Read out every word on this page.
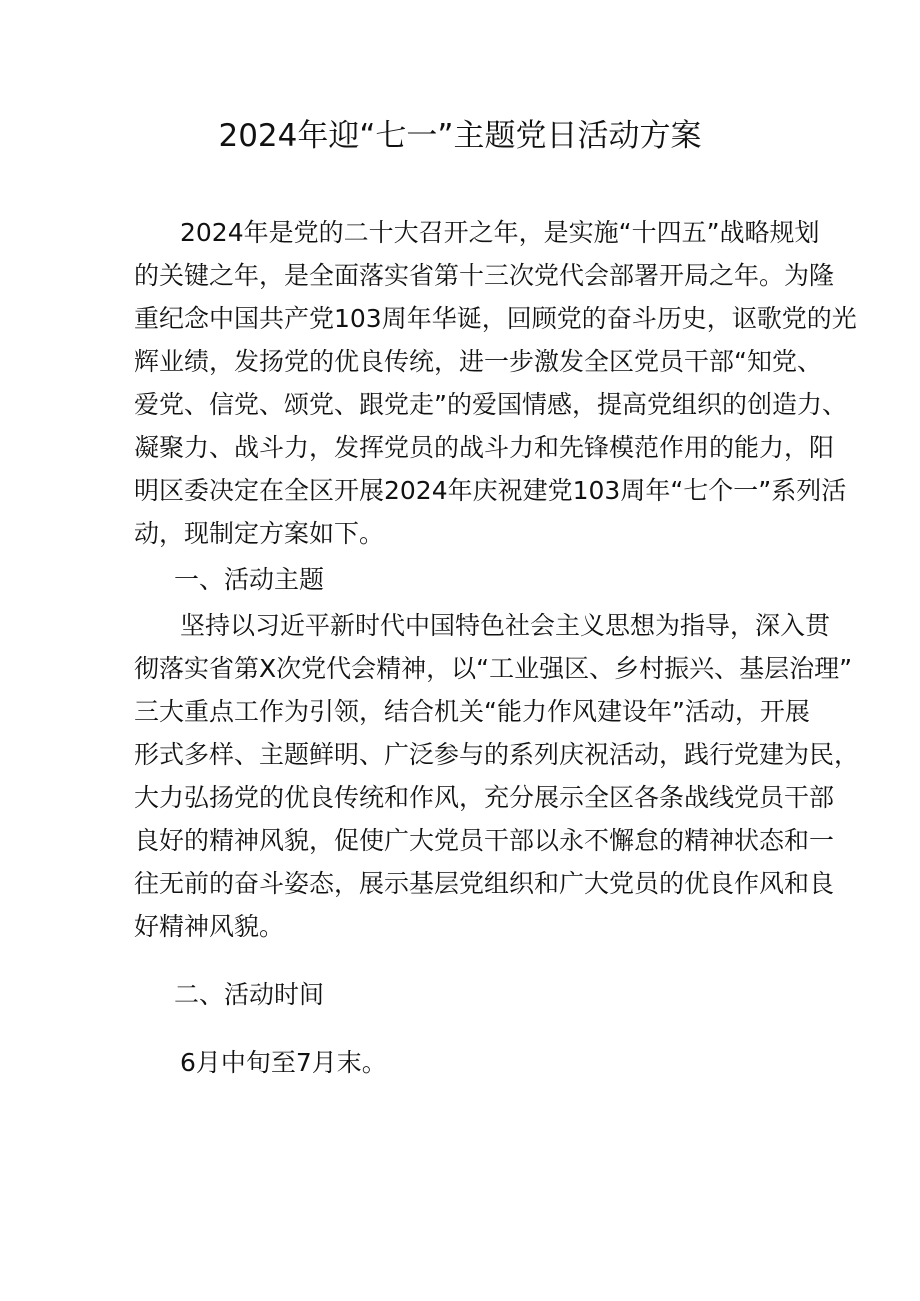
2024年迎“七一”主题党日活动方案
2024年是党的二十大召开之年，是实施“十四五”战略规划
的关键之年，是全面落实省第十三次党代会部署开局之年。为隆
重纪念中国共产党103周年华诞，回顾党的奋斗历史，讴歌党的光
辉业绩，发扬党的优良传统，进一步激发全区党员干部“知党、
爱党、信党、颂党、跟党走”的爱国情感，提高党组织的创造力、
凝聚力、战斗力，发挥党员的战斗力和先锋模范作用的能力，阳
明区委决定在全区开展2024年庆祝建党103周年“七个一”系列活
动，现制定方案如下。
一、活动主题
坚持以习近平新时代中国特色社会主义思想为指导，深入贯
彻落实省第X次党代会精神，以“工业强区、乡村振兴、基层治理”
三大重点工作为引领，结合机关“能力作风建设年”活动，开展
形式多样、主题鲜明、广泛参与的系列庆祝活动，践行党建为民，
大力弘扬党的优良传统和作风，充分展示全区各条战线党员干部
良好的精神风貌，促使广大党员干部以永不懈怠的精神状态和一
往无前的奋斗姿态，展示基层党组织和广大党员的优良作风和良
好精神风貌。
二、活动时间
6月中旬至7月末。
